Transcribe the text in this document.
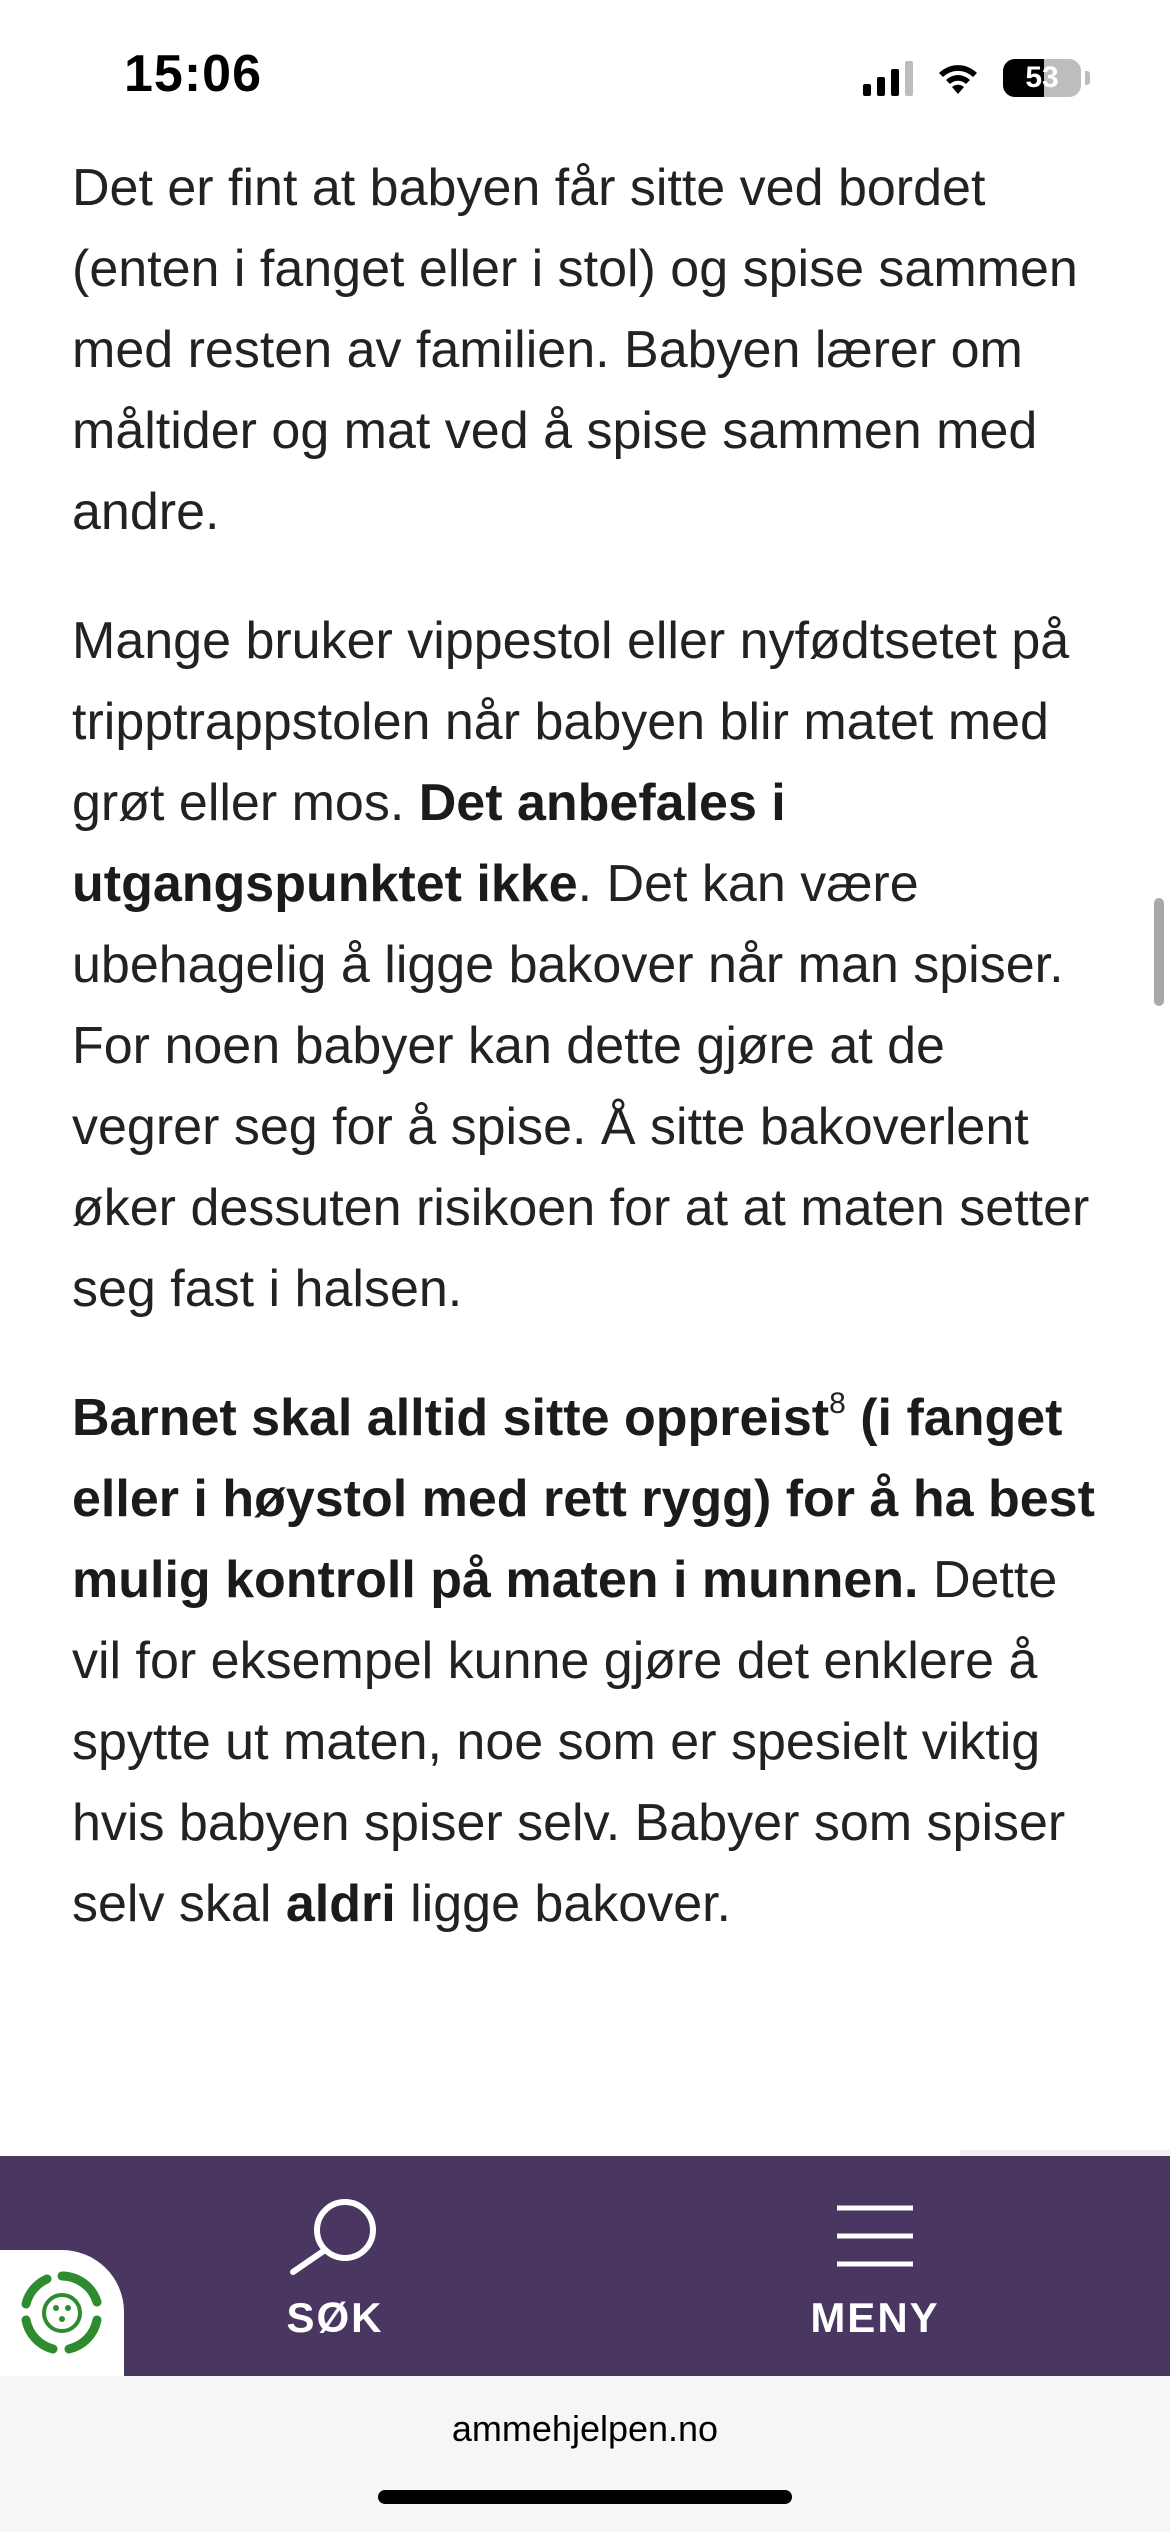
15:06	53

Det er fint at babyen får sitte ved bordet (enten i fanget eller i stol) og spise sammen med resten av familien. Babyen lærer om måltider og mat ved å spise sammen med andre.

Mange bruker vippestol eller nyfødtsetet på tripptrappstolen når babyen blir matet med grøt eller mos. Det anbefales i utgangspunktet ikke. Det kan være ubehagelig å ligge bakover når man spiser. For noen babyer kan dette gjøre at de vegrer seg for å spise. Å sitte bakoverlent øker dessuten risikoen for at at maten setter seg fast i halsen.

Barnet skal alltid sitte oppreist$^8$ (i fanget eller i høystol med rett rygg) for å ha best mulig kontroll på maten i munnen. Dette vil for eksempel kunne gjøre det enklere å spytte ut maten, noe som er spesielt viktig hvis babyen spiser selv. Babyer som spiser selv skal aldri ligge bakover.

SØK	MENY
ammehjelpen.no
